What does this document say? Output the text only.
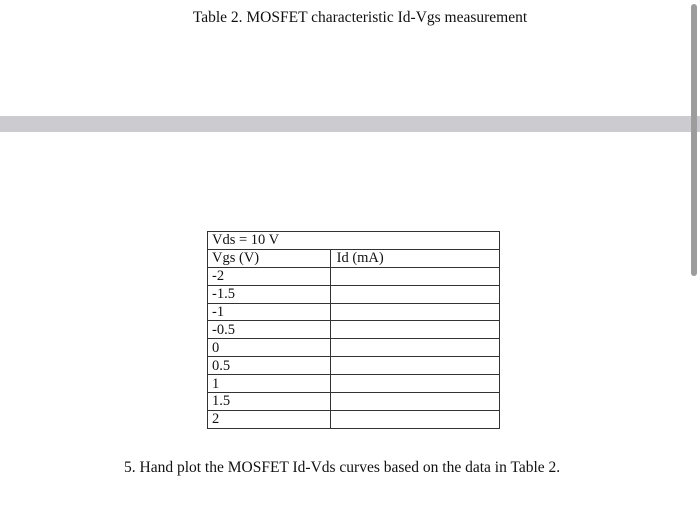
Table 2. MOSFET characteristic Id-Vgs measurement
Vds = 10 V	
Vgs (V)	Id (mA)
-2	
-1.5	
-1	
-0.5	
0	
0.5	
1	
1.5	
2	
5. Hand plot the MOSFET Id-Vds curves based on the data in Table 2.
